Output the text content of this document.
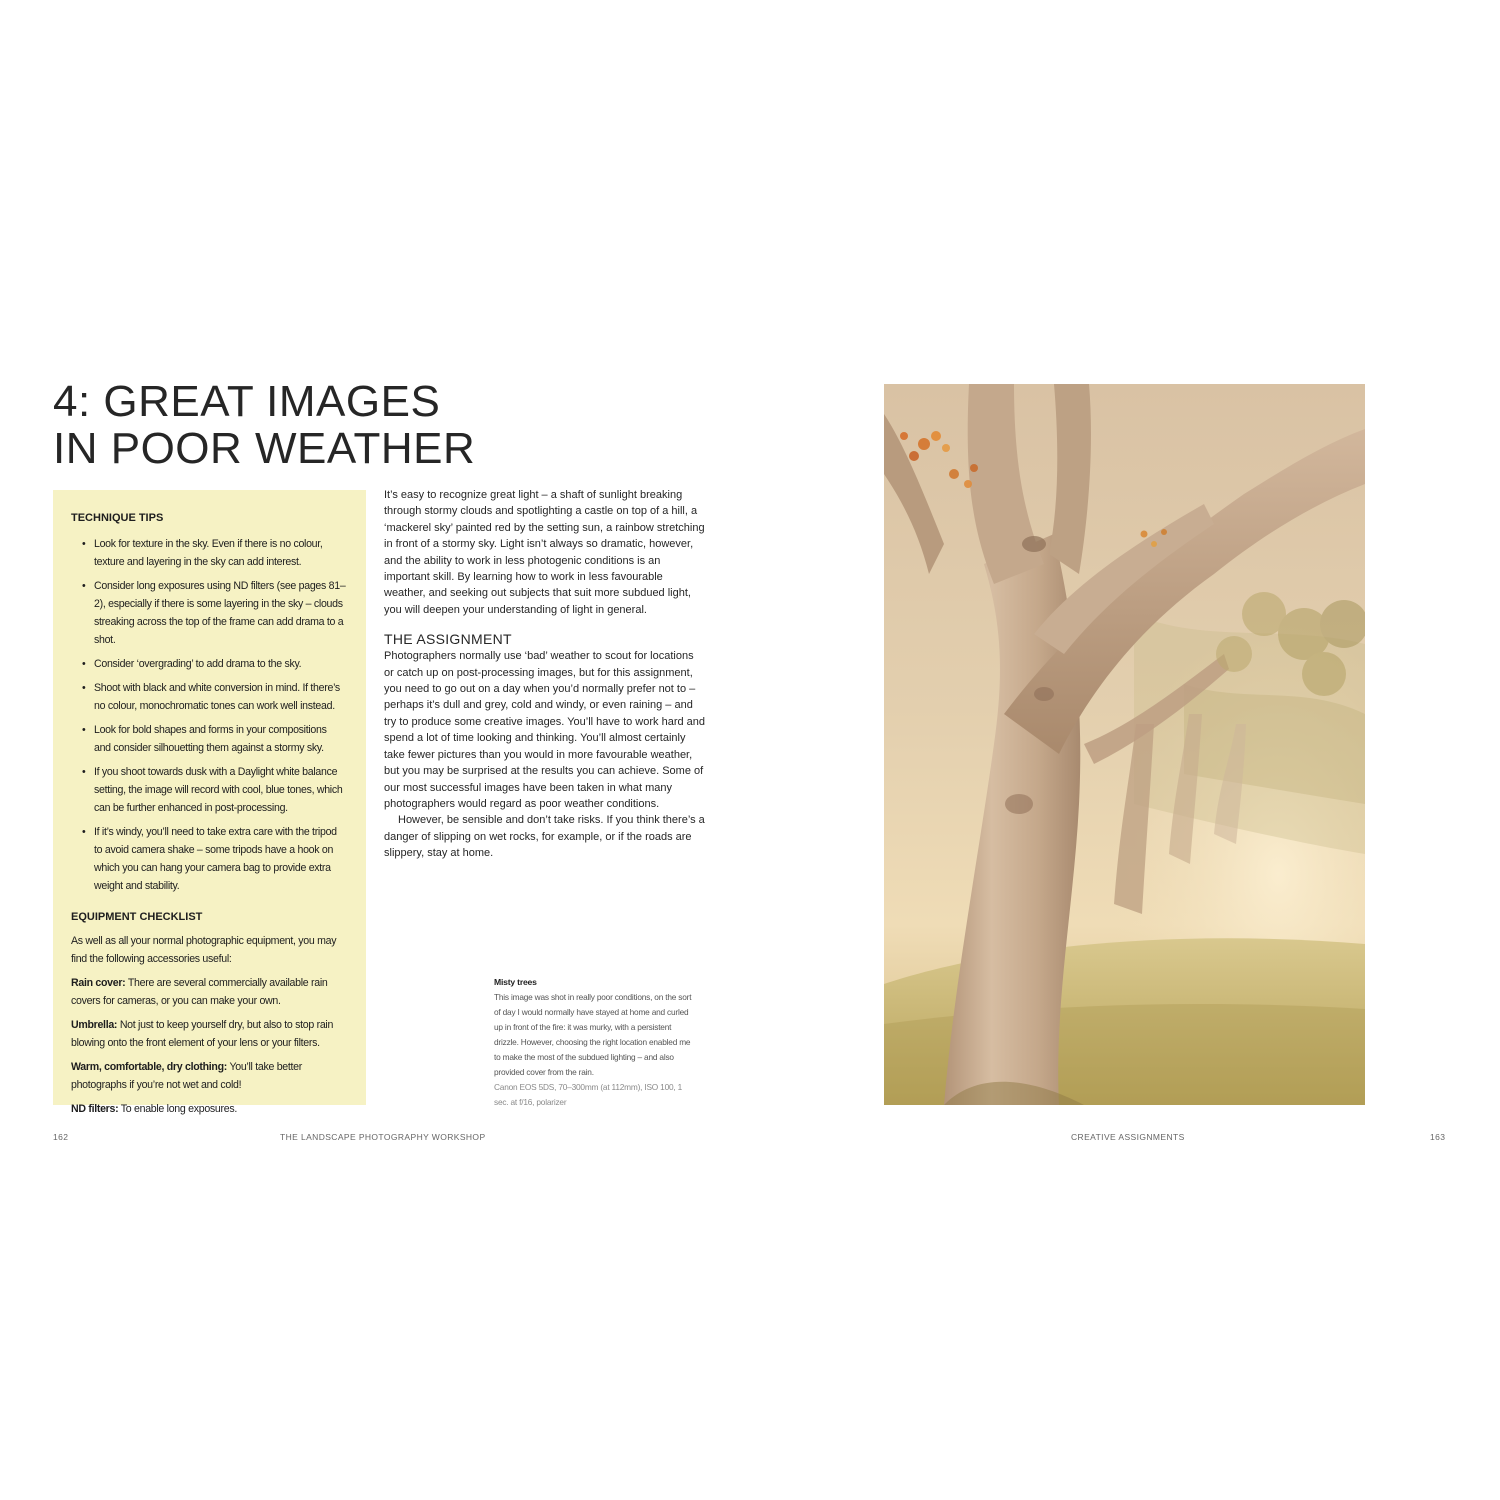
4: GREAT IMAGES
IN POOR WEATHER
TECHNIQUE TIPS
• Look for texture in the sky. Even if there is no colour, texture and layering in the sky can add interest.
• Consider long exposures using ND filters (see pages 81–2), especially if there is some layering in the sky – clouds streaking across the top of the frame can add drama to a shot.
• Consider ‘overgrading’ to add drama to the sky.
• Shoot with black and white conversion in mind. If there’s no colour, monochromatic tones can work well instead.
• Look for bold shapes and forms in your compositions and consider silhouetting them against a stormy sky.
• If you shoot towards dusk with a Daylight white balance setting, the image will record with cool, blue tones, which can be further enhanced in post-processing.
• If it’s windy, you’ll need to take extra care with the tripod to avoid camera shake – some tripods have a hook on which you can hang your camera bag to provide extra weight and stability.
EQUIPMENT CHECKLIST

As well as all your normal photographic equipment, you may find the following accessories useful:

Rain cover: There are several commercially available rain covers for cameras, or you can make your own.

Umbrella: Not just to keep yourself dry, but also to stop rain blowing onto the front element of your lens or your filters.

Warm, comfortable, dry clothing: You’ll take better photographs if you’re not wet and cold!

ND filters: To enable long exposures.

It’s easy to recognize great light – a shaft of sunlight breaking through stormy clouds and spotlighting a castle on top of a hill, a ‘mackerel sky’ painted red by the setting sun, a rainbow stretching in front of a stormy sky. Light isn’t always so dramatic, however, and the ability to work in less photogenic conditions is an important skill. By learning how to work in less favourable weather, and seeking out subjects that suit more subdued light, you will deepen your understanding of light in general.

THE ASSIGNMENT

Photographers normally use ‘bad’ weather to scout for locations or catch up on post-processing images, but for this assignment, you need to go out on a day when you’d normally prefer not to – perhaps it’s dull and grey, cold and windy, or even raining – and try to produce some creative images. You’ll have to work hard and spend a lot of time looking and thinking. You’ll almost certainly take fewer pictures than you would in more favourable weather, but you may be surprised at the results you can achieve. Some of our most successful images have been taken in what many photographers would regard as poor weather conditions.

However, be sensible and don’t take risks. If you think there’s a danger of slipping on wet rocks, for example, or if the roads are slippery, stay at home.

Misty trees
This image was shot in really poor conditions, on the sort of day I would normally have stayed at home and curled up in front of the fire: it was murky, with a persistent drizzle. However, choosing the right location enabled me to make the most of the subdued lighting – and also provided cover from the rain.
Canon EOS 5DS, 70–300mm (at 112mm), ISO 100, 1 sec. at f/16, polarizer
162	THE LANDSCAPE PHOTOGRAPHY WORKSHOP	CREATIVE ASSIGNMENTS	163
